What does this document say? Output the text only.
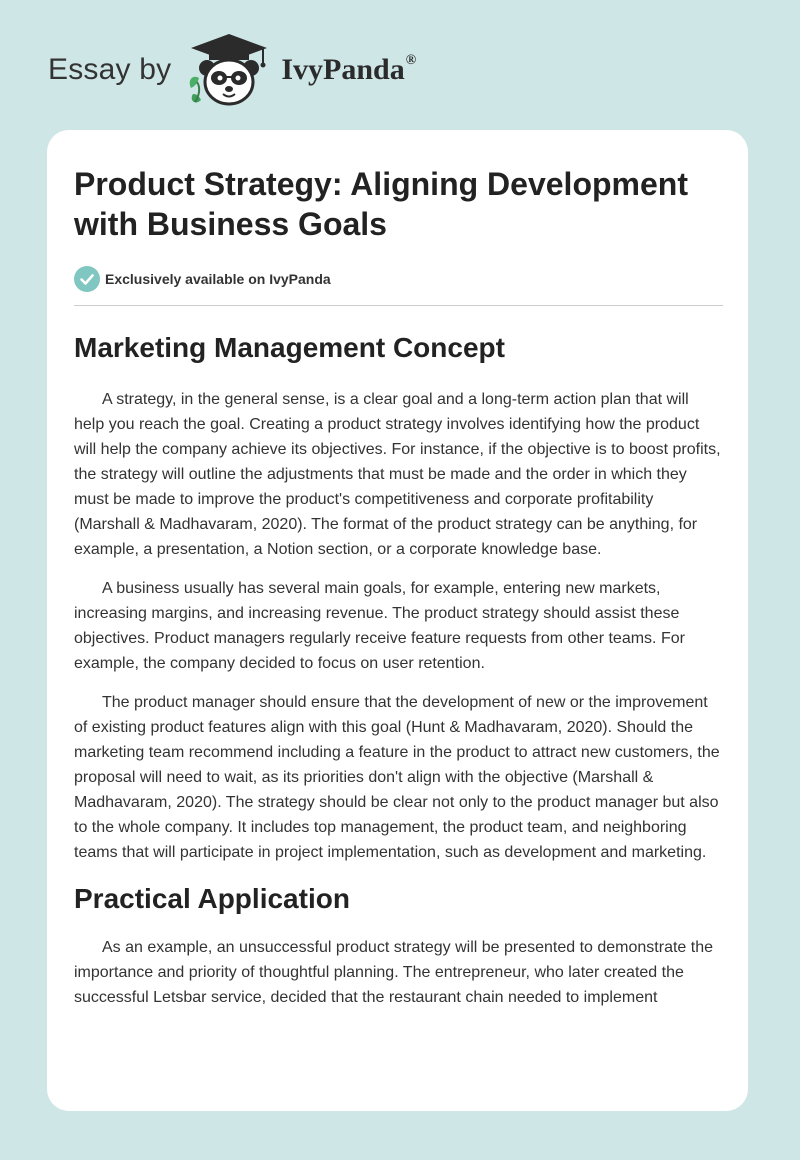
Essay by	IvyPanda®
Product Strategy: Aligning Development with Business Goals
Exclusively available on IvyPanda
Marketing Management Concept

A strategy, in the general sense, is a clear goal and a long-term action plan that will help you reach the goal. Creating a product strategy involves identifying how the product will help the company achieve its objectives. For instance, if the objective is to boost profits, the strategy will outline the adjustments that must be made and the order in which they must be made to improve the product's competitiveness and corporate profitability (Marshall & Madhavaram, 2020). The format of the product strategy can be anything, for example, a presentation, a Notion section, or a corporate knowledge base.

A business usually has several main goals, for example, entering new markets, increasing margins, and increasing revenue. The product strategy should assist these objectives. Product managers regularly receive feature requests from other teams. For example, the company decided to focus on user retention.

The product manager should ensure that the development of new or the improvement of existing product features align with this goal (Hunt & Madhavaram, 2020). Should the marketing team recommend including a feature in the product to attract new customers, the proposal will need to wait, as its priorities don't align with the objective (Marshall & Madhavaram, 2020). The strategy should be clear not only to the product manager but also to the whole company. It includes top management, the product team, and neighboring teams that will participate in project implementation, such as development and marketing.

Practical Application

As an example, an unsuccessful product strategy will be presented to demonstrate the importance and priority of thoughtful planning. The entrepreneur, who later created the successful Letsbar service, decided that the restaurant chain needed to implement
